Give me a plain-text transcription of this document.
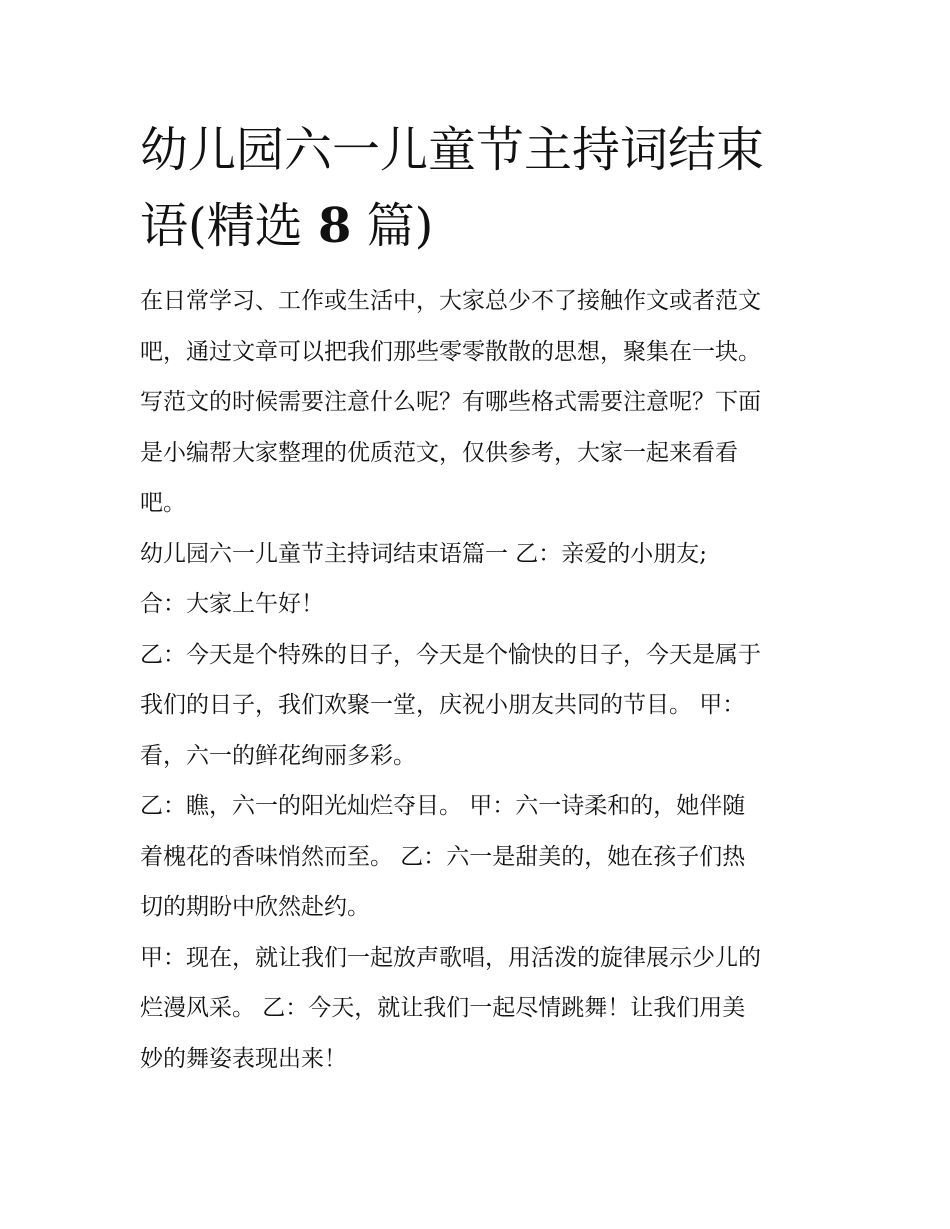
幼儿园六一儿童节主持词结束
语(精选 8 篇)

在日常学习、工作或生活中，大家总少不了接触作文或者范文

吧，通过文章可以把我们那些零零散散的思想，聚集在一块。

写范文的时候需要注意什么呢？有哪些格式需要注意呢？下面

是小编帮大家整理的优质范文，仅供参考，大家一起来看看

吧。

幼儿园六一儿童节主持词结束语篇一 乙：亲爱的小朋友;

合：大家上午好！

乙：今天是个特殊的日子，今天是个愉快的日子，今天是属于

我们的日子，我们欢聚一堂，庆祝小朋友共同的节目。 甲：

看，六一的鲜花绚丽多彩。

乙：瞧，六一的阳光灿烂夺目。 甲：六一诗柔和的，她伴随

着槐花的香味悄然而至。 乙：六一是甜美的，她在孩子们热

切的期盼中欣然赴约。

甲：现在，就让我们一起放声歌唱，用活泼的旋律展示少儿的

烂漫风采。 乙：今天，就让我们一起尽情跳舞！让我们用美

妙的舞姿表现出来！
